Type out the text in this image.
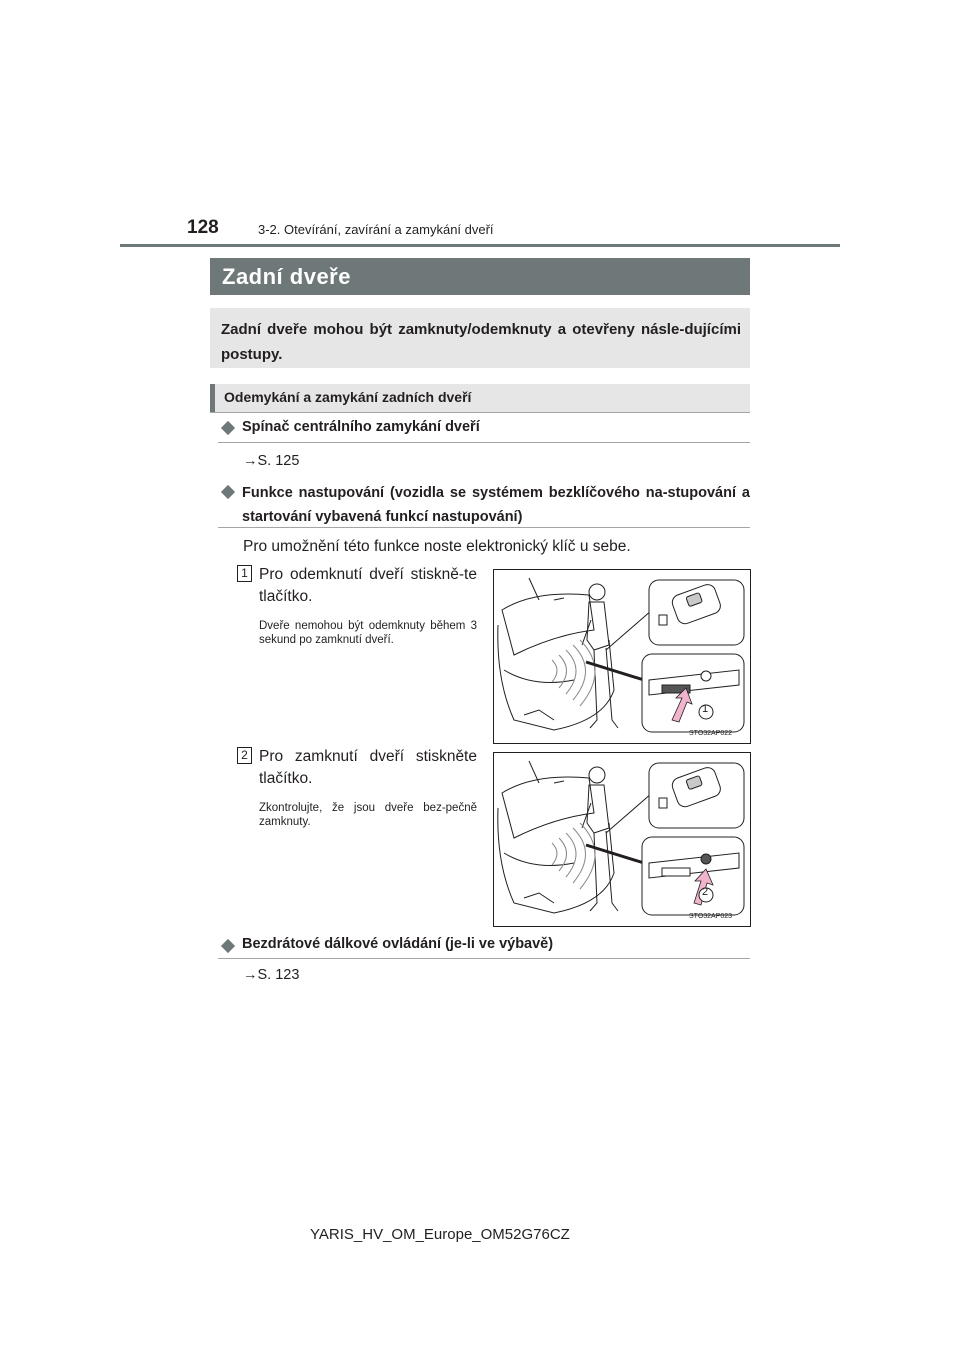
128	3-2. Otevírání, zavírání a zamykání dveří
Zadní dveře
Zadní dveře mohou být zamknuty/odemknuty a otevřeny násle-dujícími postupy.
Odemykání a zamykání zadních dveří
Spínač centrálního zamykání dveří
→S. 125
Funkce nastupování (vozidla se systémem bezklíčového na-stupování a startování vybavená funkcí nastupování)
Pro umožnění této funkce noste elektronický klíč u sebe.
1 Pro odemknutí dveří stiskně-te tlačítko.
Dveře nemohou být odemknuty během 3 sekund po zamknutí dveří.
1
STO32AP022
2 Pro zamknutí dveří stiskněte tlačítko.
Zkontrolujte, že jsou dveře bez-pečně zamknuty.
2
STO32AP023
Bezdrátové dálkové ovládání (je-li ve výbavě)
→S. 123
YARIS_HV_OM_Europe_OM52G76CZ
